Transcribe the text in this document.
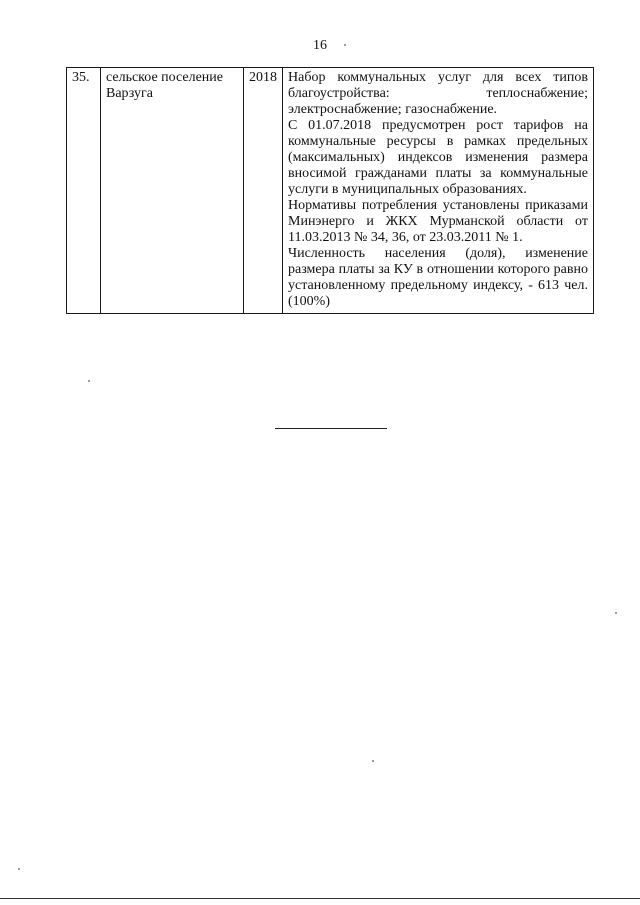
16
35.	сельское поселение Варзуга	2018	Набор коммунальных услуг для всех типов благоустройства: теплоснабжение; электроснабжение; газоснабжение.

С 01.07.2018 предусмотрен рост тарифов на коммунальные ресурсы в рамках предельных (максимальных) индексов изменения размера вносимой гражданами платы за коммунальные услуги в муниципальных образованиях.

Нормативы потребления установлены приказами Минэнерго и ЖКХ Мурманской области от 11.03.2013 № 34, 36, от 23.03.2011 № 1.

Численность населения (доля), изменение размера платы за КУ в отношении которого равно установленному предельному индексу, - 613 чел. (100%)
